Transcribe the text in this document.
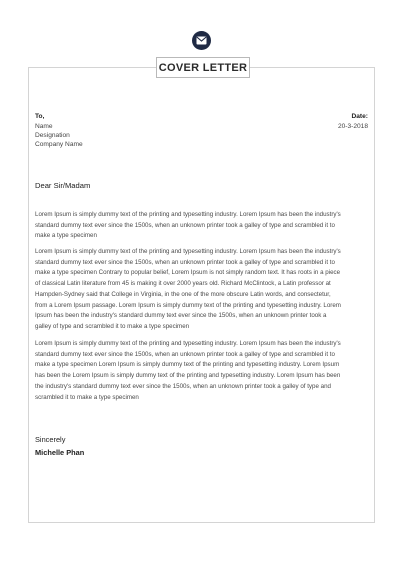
COVER LETTER
To,
Name
Designation
Company Name
Date:
20-3-2018
Dear Sir/Madam
Lorem Ipsum is simply dummy text of the printing and typesetting industry. Lorem Ipsum has been the industry's
standard dummy text ever since the 1500s, when an unknown printer took a galley of type and scrambled it to
make a type specimen
Lorem Ipsum is simply dummy text of the printing and typesetting industry. Lorem Ipsum has been the industry's
standard dummy text ever since the 1500s, when an unknown printer took a galley of type and scrambled it to
make a type specimen Contrary to popular belief, Lorem Ipsum is not simply random text. It has roots in a piece
of classical Latin literature from 45 is making it over 2000 years old. Richard McClintock, a Latin professor at
Hampden-Sydney said that College in Virginia, in the one of the more obscure Latin words, and consectetur,
from a Lorem Ipsum passage. Lorem Ipsum is simply dummy text of the printing and typesetting industry. Lorem
Ipsum has been the industry's standard dummy text ever since the 1500s, when an unknown printer took a
galley of type and scrambled it to make a type specimen
Lorem Ipsum is simply dummy text of the printing and typesetting industry. Lorem Ipsum has been the industry's
standard dummy text ever since the 1500s, when an unknown printer took a galley of type and scrambled it to
make a type specimen Lorem Ipsum is simply dummy text of the printing and typesetting industry. Lorem Ipsum
has been the Lorem Ipsum is simply dummy text of the printing and typesetting industry. Lorem Ipsum has been
the industry's standard dummy text ever since the 1500s, when an unknown printer took a galley of type and
scrambled it to make a type specimen
Sincerely
Michelle Phan
